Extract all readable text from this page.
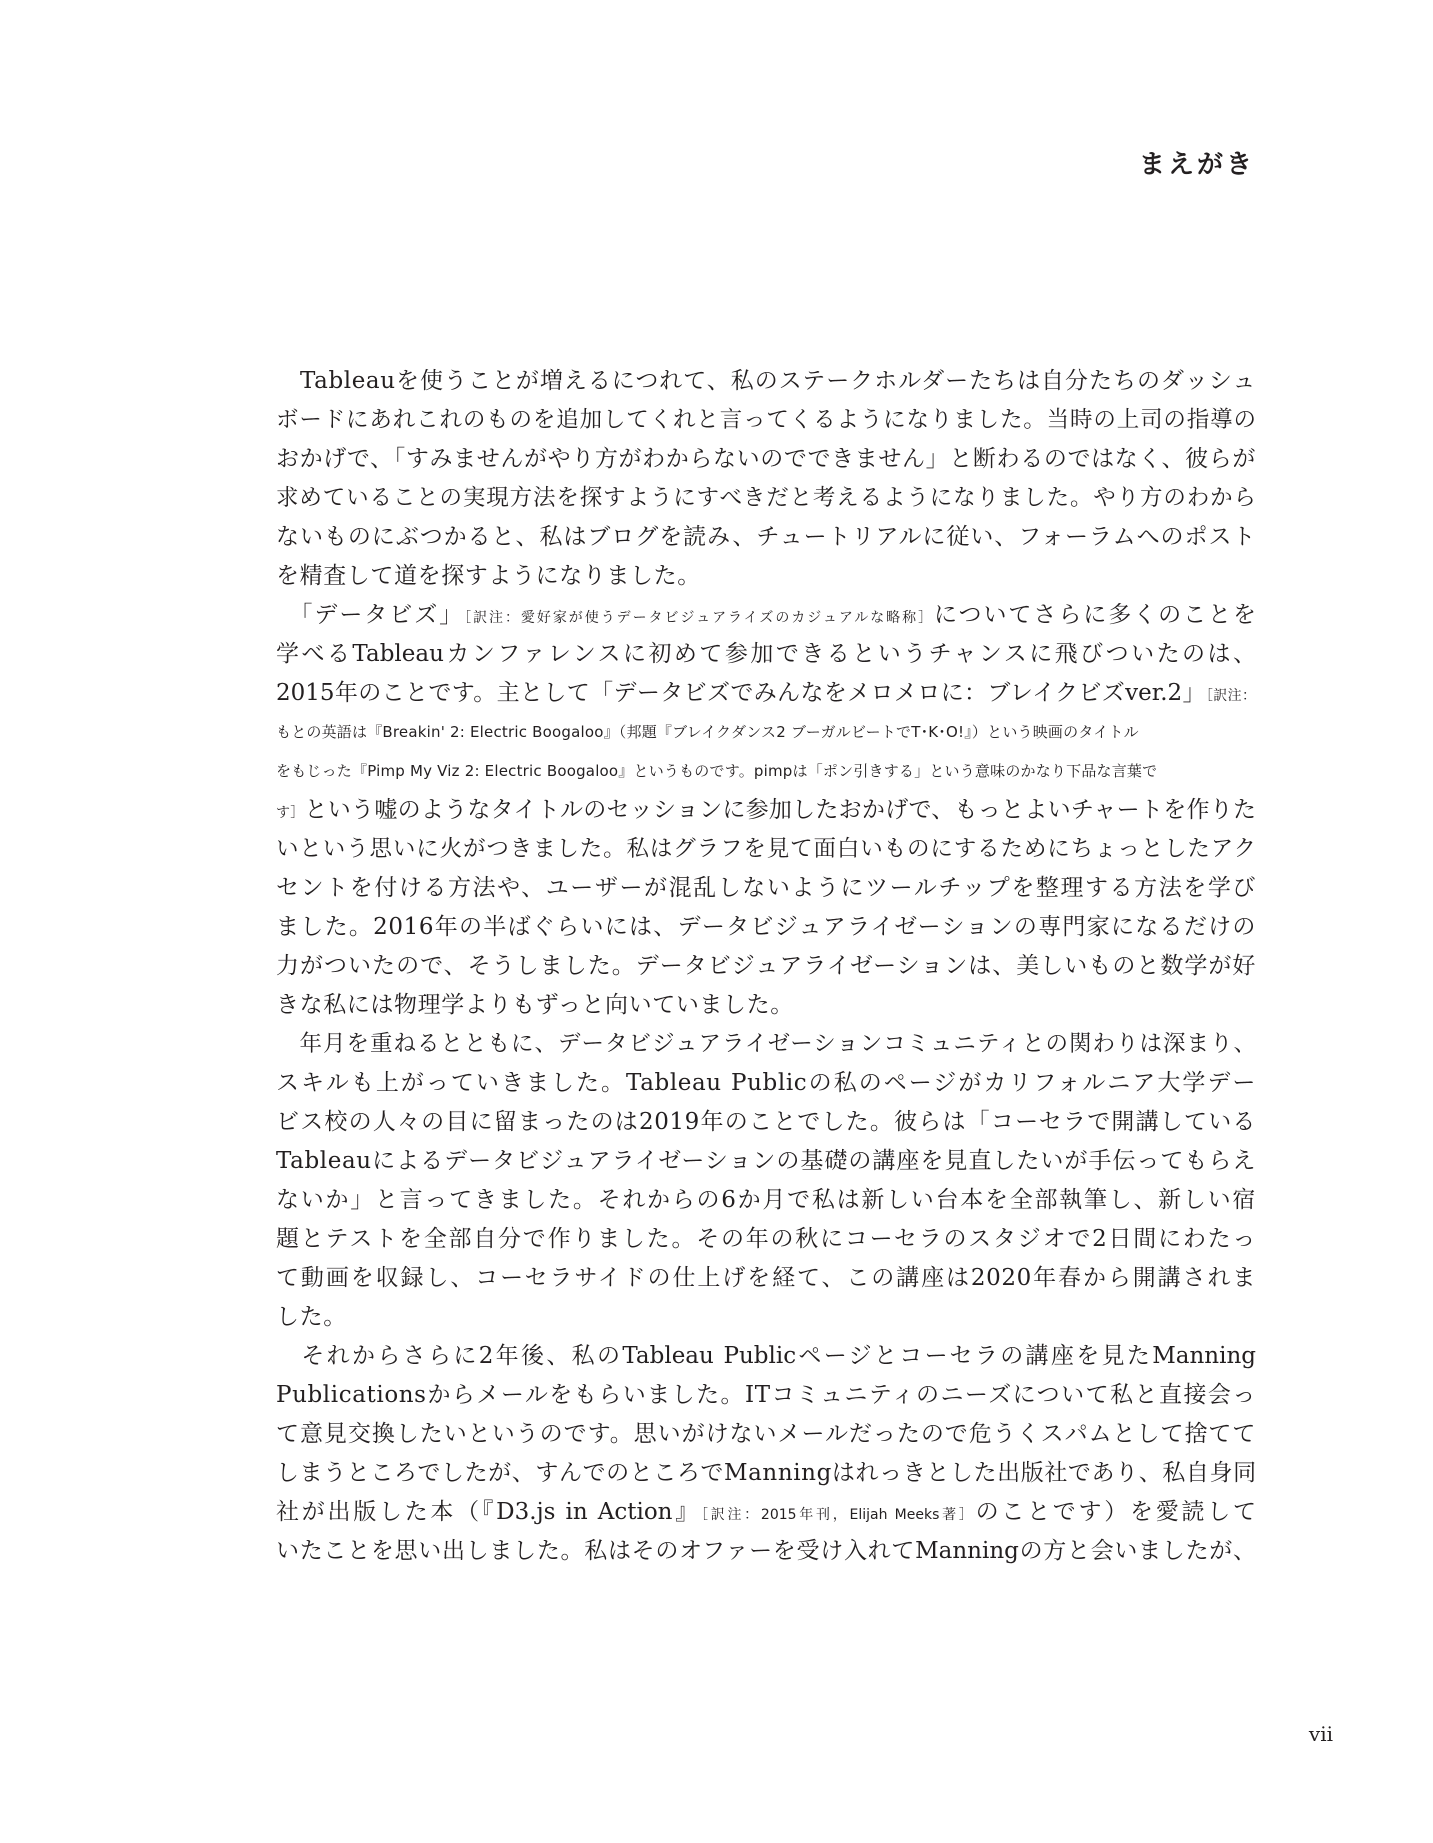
まえがき
　Tableauを使うことが増えるにつれて、私のステークホルダーたちは自分たちのダッシュ
ボードにあれこれのものを追加してくれと言ってくるようになりました。当時の上司の指導の
おかげで、「すみませんがやり方がわからないのでできません」と断わるのではなく、彼らが
求めていることの実現方法を探すようにすべきだと考えるようになりました。やり方のわから
ないものにぶつかると、私はブログを読み、チュートリアルに従い、フォーラムへのポスト
を精査して道を探すようになりました。
　「データビズ」［訳注：愛好家が使うデータビジュアライズのカジュアルな略称］についてさらに多くのことを
学べるTableauカンファレンスに初めて参加できるというチャンスに飛びついたのは、
2015年のことです。主として「データビズでみんなをメロメロに：ブレイクビズver.2」［訳注：
もとの英語は『Breakin' 2: Electric Boogaloo』（邦題『ブレイクダンス2 ブーガルビートでT･K･O!』）という映画のタイトル
をもじった『Pimp My Viz 2: Electric Boogaloo』というものです。pimpは「ポン引きする」という意味のかなり下品な言葉で
す］という嘘のようなタイトルのセッションに参加したおかげで、もっとよいチャートを作りた
いという思いに火がつきました。私はグラフを見て面白いものにするためにちょっとしたアク
セントを付ける方法や、ユーザーが混乱しないようにツールチップを整理する方法を学び
ました。2016年の半ばぐらいには、データビジュアライゼーションの専門家になるだけの
力がついたので、そうしました。データビジュアライゼーションは、美しいものと数学が好
きな私には物理学よりもずっと向いていました。
　年月を重ねるとともに、データビジュアライゼーションコミュニティとの関わりは深まり、
スキルも上がっていきました。Tableau Publicの私のページがカリフォルニア大学デー
ビス校の人々の目に留まったのは2019年のことでした。彼らは「コーセラで開講している
Tableauによるデータビジュアライゼーションの基礎の講座を見直したいが手伝ってもらえ
ないか」と言ってきました。それからの6か月で私は新しい台本を全部執筆し、新しい宿
題とテストを全部自分で作りました。その年の秋にコーセラのスタジオで2日間にわたっ
て動画を収録し、コーセラサイドの仕上げを経て、この講座は2020年春から開講されま
した。
　それからさらに2年後、私のTableau Publicページとコーセラの講座を見たManning
Publicationsからメールをもらいました。ITコミュニティのニーズについて私と直接会っ
て意見交換したいというのです。思いがけないメールだったので危うくスパムとして捨てて
しまうところでしたが、すんでのところでManningはれっきとした出版社であり、私自身同
社が出版した本（『D3.js in Action』［訳注：2015年刊，Elijah Meeks著］のことです）を愛読して
いたことを思い出しました。私はそのオファーを受け入れてManningの方と会いましたが、
vii
